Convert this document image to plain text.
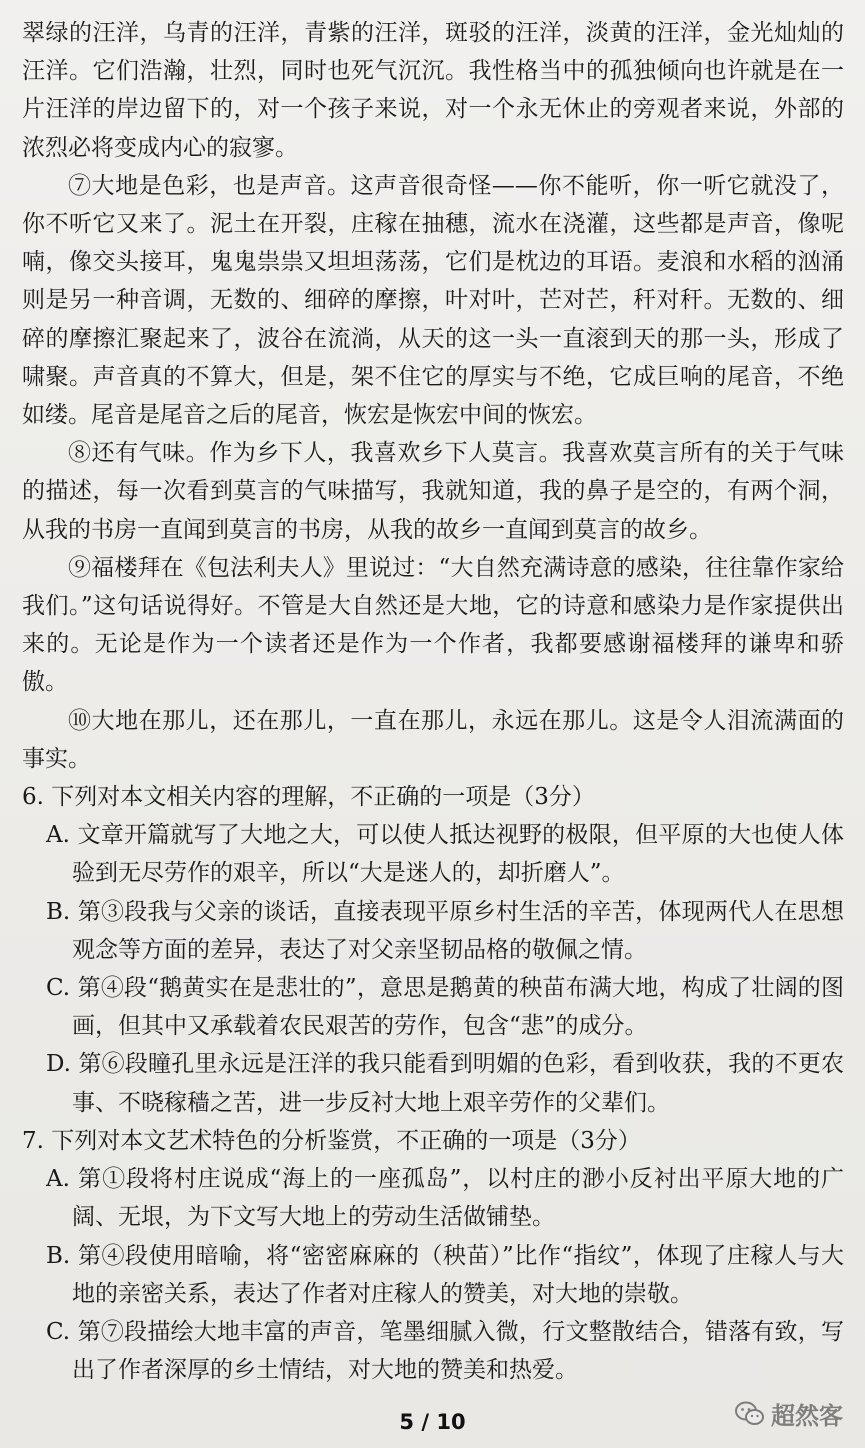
翠绿的汪洋，乌青的汪洋，青紫的汪洋，斑驳的汪洋，淡黄的汪洋，金光灿灿的汪洋。它们浩瀚，壮烈，同时也死气沉沉。我性格当中的孤独倾向也许就是在一片汪洋的岸边留下的，对一个孩子来说，对一个永无休止的旁观者来说，外部的浓烈必将变成内心的寂寥。

⑦大地是色彩，也是声音。这声音很奇怪——你不能听，你一听它就没了，你不听它又来了。泥土在开裂，庄稼在抽穗，流水在浇灌，这些都是声音，像呢喃，像交头接耳，鬼鬼祟祟又坦坦荡荡，它们是枕边的耳语。麦浪和水稻的汹涌则是另一种音调，无数的、细碎的摩擦，叶对叶，芒对芒，秆对秆。无数的、细碎的摩擦汇聚起来了，波谷在流淌，从天的这一头一直滚到天的那一头，形成了啸聚。声音真的不算大，但是，架不住它的厚实与不绝，它成巨响的尾音，不绝如缕。尾音是尾音之后的尾音，恢宏是恢宏中间的恢宏。

⑧还有气味。作为乡下人，我喜欢乡下人莫言。我喜欢莫言所有的关于气味的描述，每一次看到莫言的气味描写，我就知道，我的鼻子是空的，有两个洞，从我的书房一直闻到莫言的书房，从我的故乡一直闻到莫言的故乡。

⑨福楼拜在《包法利夫人》里说过：“大自然充满诗意的感染，往往靠作家给我们。”这句话说得好。不管是大自然还是大地，它的诗意和感染力是作家提供出来的。无论是作为一个读者还是作为一个作者，我都要感谢福楼拜的谦卑和骄傲。

⑩大地在那儿，还在那儿，一直在那儿，永远在那儿。这是令人泪流满面的事实。

6. 下列对本文相关内容的理解，不正确的一项是（3分）

A. 文章开篇就写了大地之大，可以使人抵达视野的极限，但平原的大也使人体验到无尽劳作的艰辛，所以“大是迷人的，却折磨人”。

B. 第③段我与父亲的谈话，直接表现平原乡村生活的辛苦，体现两代人在思想观念等方面的差异，表达了对父亲坚韧品格的敬佩之情。

C. 第④段“鹅黄实在是悲壮的”，意思是鹅黄的秧苗布满大地，构成了壮阔的图画，但其中又承载着农民艰苦的劳作，包含“悲”的成分。

D. 第⑥段瞳孔里永远是汪洋的我只能看到明媚的色彩，看到收获，我的不更农事、不晓稼穑之苦，进一步反衬大地上艰辛劳作的父辈们。

7. 下列对本文艺术特色的分析鉴赏，不正确的一项是（3分）

A. 第①段将村庄说成“海上的一座孤岛”，以村庄的渺小反衬出平原大地的广阔、无垠，为下文写大地上的劳动生活做铺垫。

B. 第④段使用暗喻，将“密密麻麻的（秧苗）”比作“指纹”，体现了庄稼人与大地的亲密关系，表达了作者对庄稼人的赞美，对大地的崇敬。

C. 第⑦段描绘大地丰富的声音，笔墨细腻入微，行文整散结合，错落有致，写出了作者深厚的乡土情结，对大地的赞美和热爱。

5 / 10	超然客
